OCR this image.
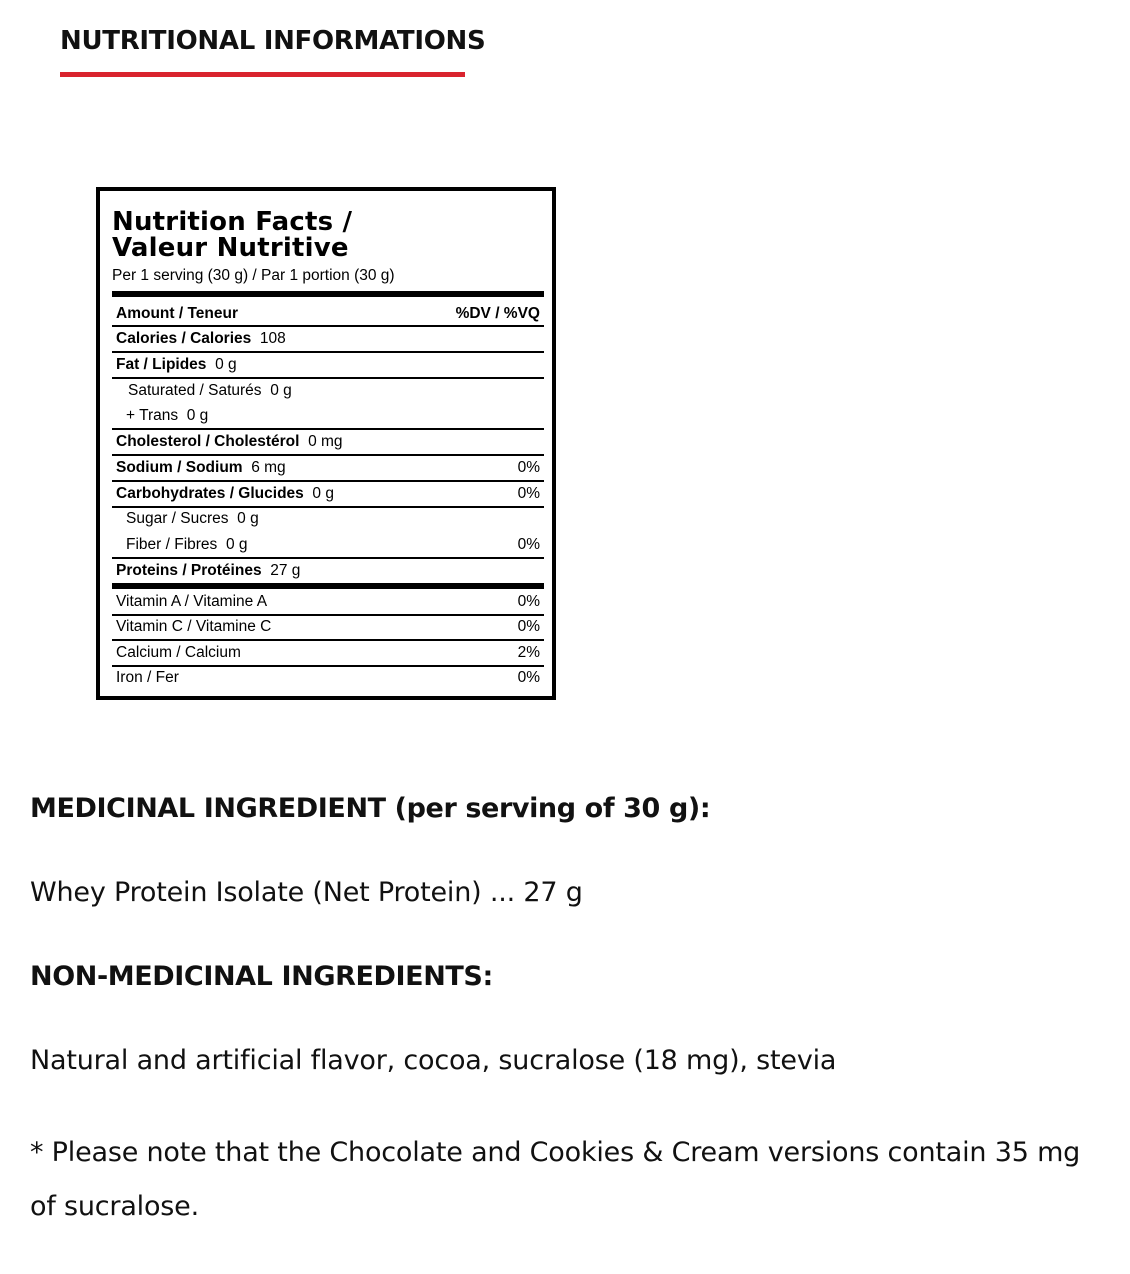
NUTRITIONAL INFORMATIONS
Nutrition Facts /
Valeur Nutritive
Per 1 serving (30 g) / Par 1 portion (30 g)
Amount / Teneur	%DV / %VQ
Calories / Calories 108
Fat / Lipides 0 g
Saturated / Saturés 0 g
+ Trans 0 g
Cholesterol / Cholestérol 0 mg
Sodium / Sodium 6 mg	0%
Carbohydrates / Glucides 0 g	0%
Sugar / Sucres 0 g
Fiber / Fibres 0 g	0%
Proteins / Protéines 27 g
Vitamin A / Vitamine A	0%
Vitamin C / Vitamine C	0%
Calcium / Calcium	2%
Iron / Fer	0%
MEDICINAL INGREDIENT (per serving of 30 g):
Whey Protein Isolate (Net Protein) ... 27 g
NON-MEDICINAL INGREDIENTS:
Natural and artificial flavor, cocoa, sucralose (18 mg), stevia
* Please note that the Chocolate and Cookies & Cream versions contain 35 mg of sucralose.
